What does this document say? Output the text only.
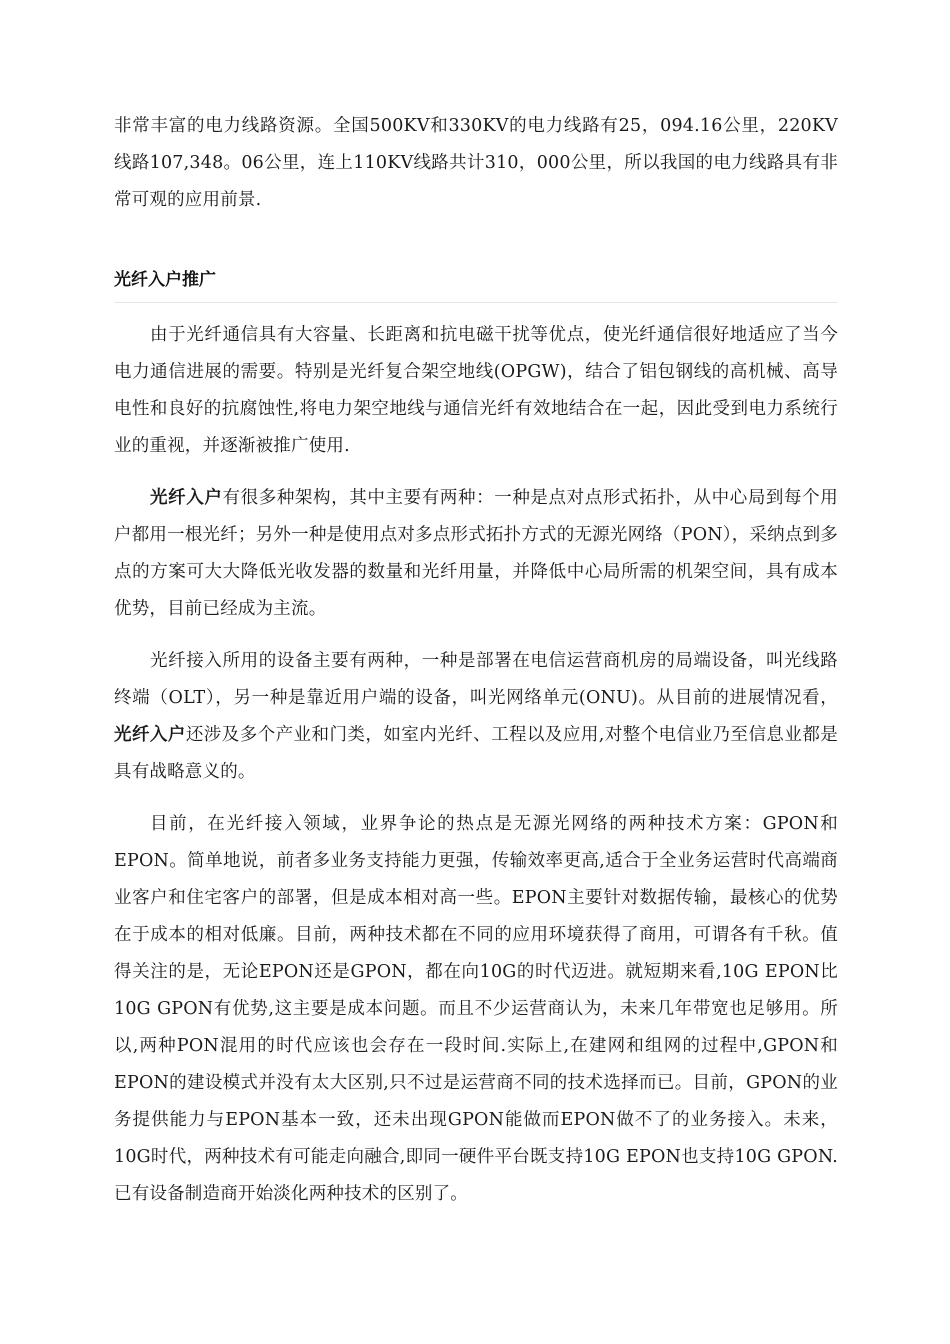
非常丰富的电力线路资源。全国500KV和330KV的电力线路有25，094.16公里，220KV线路107,348。06公里，连上110KV线路共计310，000公里，所以我国的电力线路具有非常可观的应用前景.

光纤入户推广

由于光纤通信具有大容量、长距离和抗电磁干扰等优点，使光纤通信很好地适应了当今电力通信进展的需要。特别是光纤复合架空地线(OPGW)，结合了铝包钢线的高机械、高导电性和良好的抗腐蚀性,将电力架空地线与通信光纤有效地结合在一起，因此受到电力系统行业的重视，并逐渐被推广使用.

光纤入户有很多种架构，其中主要有两种：一种是点对点形式拓扑，从中心局到每个用户都用一根光纤；另外一种是使用点对多点形式拓扑方式的无源光网络（PON），采纳点到多点的方案可大大降低光收发器的数量和光纤用量，并降低中心局所需的机架空间，具有成本优势，目前已经成为主流。

光纤接入所用的设备主要有两种，一种是部署在电信运营商机房的局端设备，叫光线路终端（OLT），另一种是靠近用户端的设备，叫光网络单元(ONU)。从目前的进展情况看，光纤入户还涉及多个产业和门类，如室内光纤、工程以及应用,对整个电信业乃至信息业都是具有战略意义的。

目前，在光纤接入领域，业界争论的热点是无源光网络的两种技术方案：GPON和EPON。简单地说，前者多业务支持能力更强，传输效率更高,适合于全业务运营时代高端商业客户和住宅客户的部署，但是成本相对高一些。EPON主要针对数据传输，最核心的优势在于成本的相对低廉。目前，两种技术都在不同的应用环境获得了商用，可谓各有千秋。值得关注的是，无论EPON还是GPON，都在向10G的时代迈进。就短期来看,10G EPON比10G GPON有优势,这主要是成本问题。而且不少运营商认为，未来几年带宽也足够用。所以,两种PON混用的时代应该也会存在一段时间.实际上,在建网和组网的过程中,GPON和EPON的建设模式并没有太大区别,只不过是运营商不同的技术选择而已。目前，GPON的业务提供能力与EPON基本一致，还未出现GPON能做而EPON做不了的业务接入。未来，10G时代，两种技术有可能走向融合,即同一硬件平台既支持10G EPON也支持10G GPON.已有设备制造商开始淡化两种技术的区别了。
